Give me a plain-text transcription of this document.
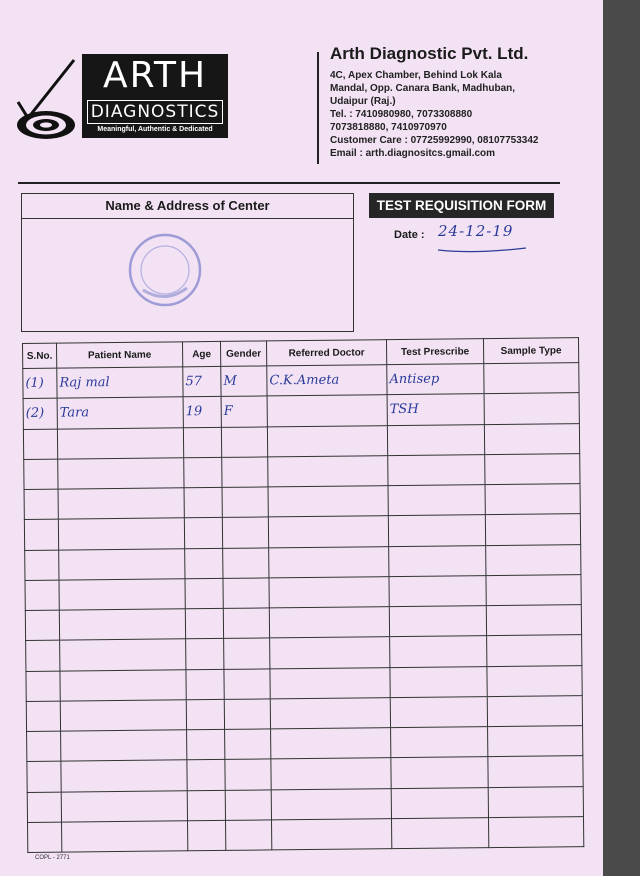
ARTH
DIAGNOSTICS
Meaningful, Authentic & Dedicated
Arth Diagnostic Pvt. Ltd.
4C, Apex Chamber, Behind Lok Kala
Mandal, Opp. Canara Bank, Madhuban,
Udaipur (Raj.)
Tel. : 7410980980, 7073308880
7073818880, 7410970970
Customer Care : 07725992990, 08107753342
Email : arth.diagnositcs.gmail.com
Name & Address of Center	TEST REQUISITION FORM
Date : 24-12-19
S.No.	Patient Name	Age	Gender	Referred Doctor	Test Prescribe	Sample Type
(1)	Raj mal	57	M	C.K.Ameta	Antisep	
(2)	Tara	19	F		TSH	

COPL - 2771
